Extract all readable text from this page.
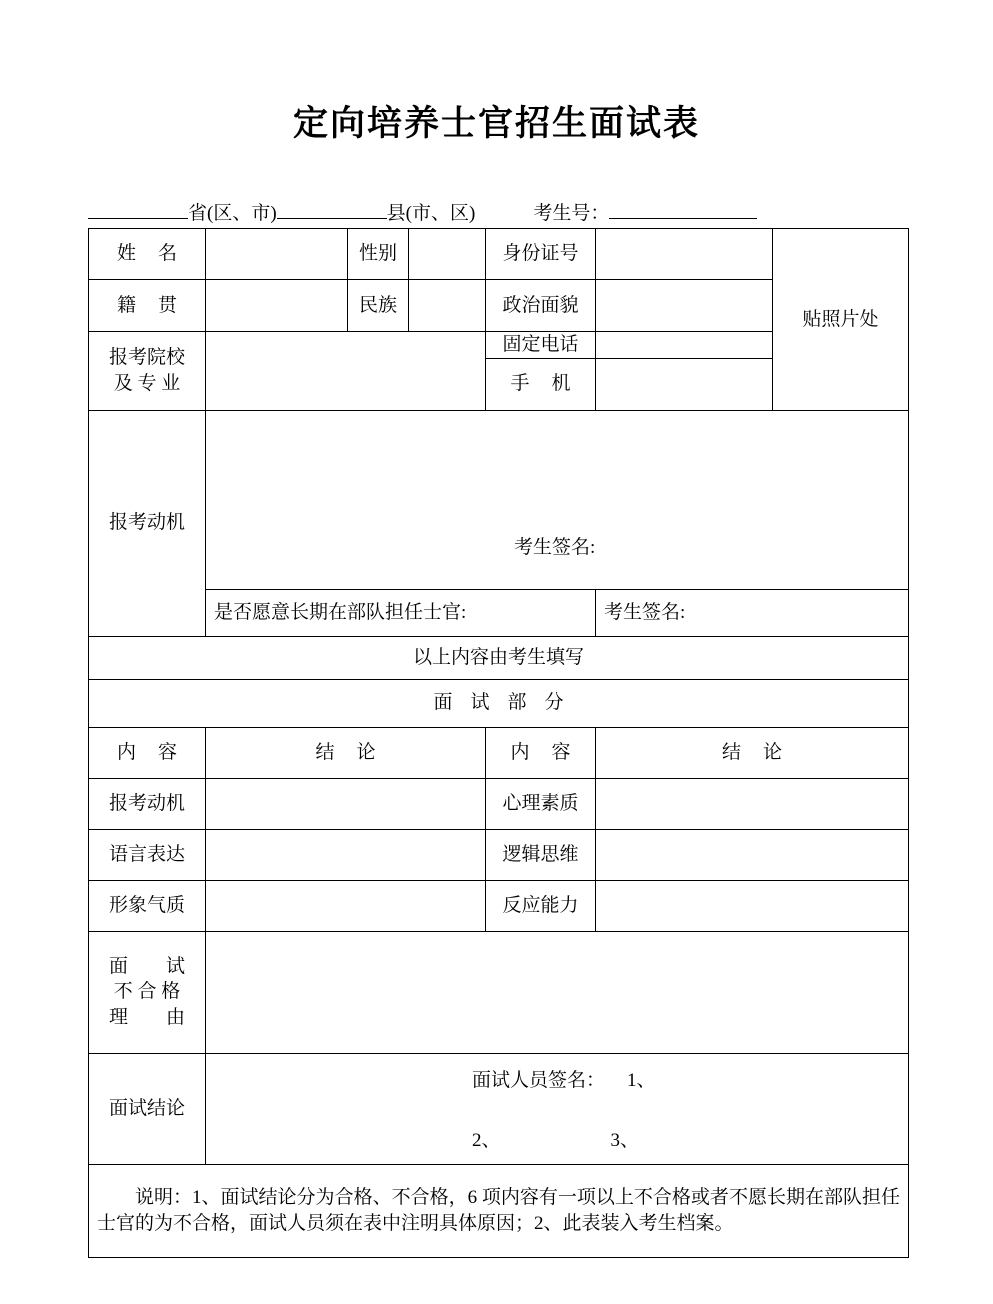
定向培养士官招生面试表
省(区、市)	县(市、区)	考生号：
姓 名		性别		身份证号		贴照片处
籍 贯		民族		政治面貌		

报考院校
及 专 业				固定电话		
				手 机		
报考动机	考生签名:					

	是否愿意长期在部队担任士官:				考生签名:	
以上内容由考生填写						
面 试 部 分						
内 容	结 论			内 容	结 论	
报考动机				心理素质		
语言表达				逻辑思维		
形象气质				反应能力		

面　　试
不 合 格
理　　由						

面试结论	面试人员签名： 1、
2、 3、					

说明：1、面试结论分为合格、不合格，6 项内容有一项以上不合格或者不愿长期在部队担任士官的为不合格，面试人员须在表中注明具体原因；2、此表装入考生档案。						
